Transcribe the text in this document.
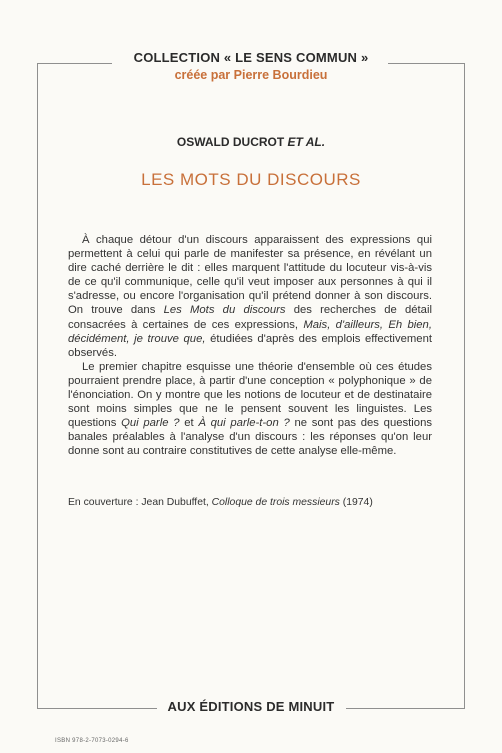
COLLECTION « LE SENS COMMUN »
créée par Pierre Bourdieu
OSWALD DUCROT ET AL.
LES MOTS DU DISCOURS

À chaque détour d'un discours apparaissent des expressions qui permettent à celui qui parle de manifester sa présence, en révélant un dire caché derrière le dit : elles marquent l'attitude du locuteur vis-à-vis de ce qu'il communique, celle qu'il veut imposer aux personnes à qui il s'adresse, ou encore l'organisation qu'il prétend donner à son discours. On trouve dans Les Mots du discours des recherches de détail consacrées à certaines de ces expressions, Mais, d'ailleurs, Eh bien, décidément, je trouve que, étudiées d'après des emplois effectivement observés.

Le premier chapitre esquisse une théorie d'ensemble où ces études pourraient prendre place, à partir d'une conception « polyphonique » de l'énonciation. On y montre que les notions de locuteur et de destinataire sont moins simples que ne le pensent souvent les linguistes. Les questions Qui parle ? et À qui parle-t-on ? ne sont pas des questions banales préalables à l'analyse d'un discours : les réponses qu'on leur donne sont au contraire constitutives de cette analyse elle-même.

En couverture : Jean Dubuffet, Colloque de trois messieurs (1974)
AUX ÉDITIONS DE MINUIT
ISBN 978-2-7073-0294-6
